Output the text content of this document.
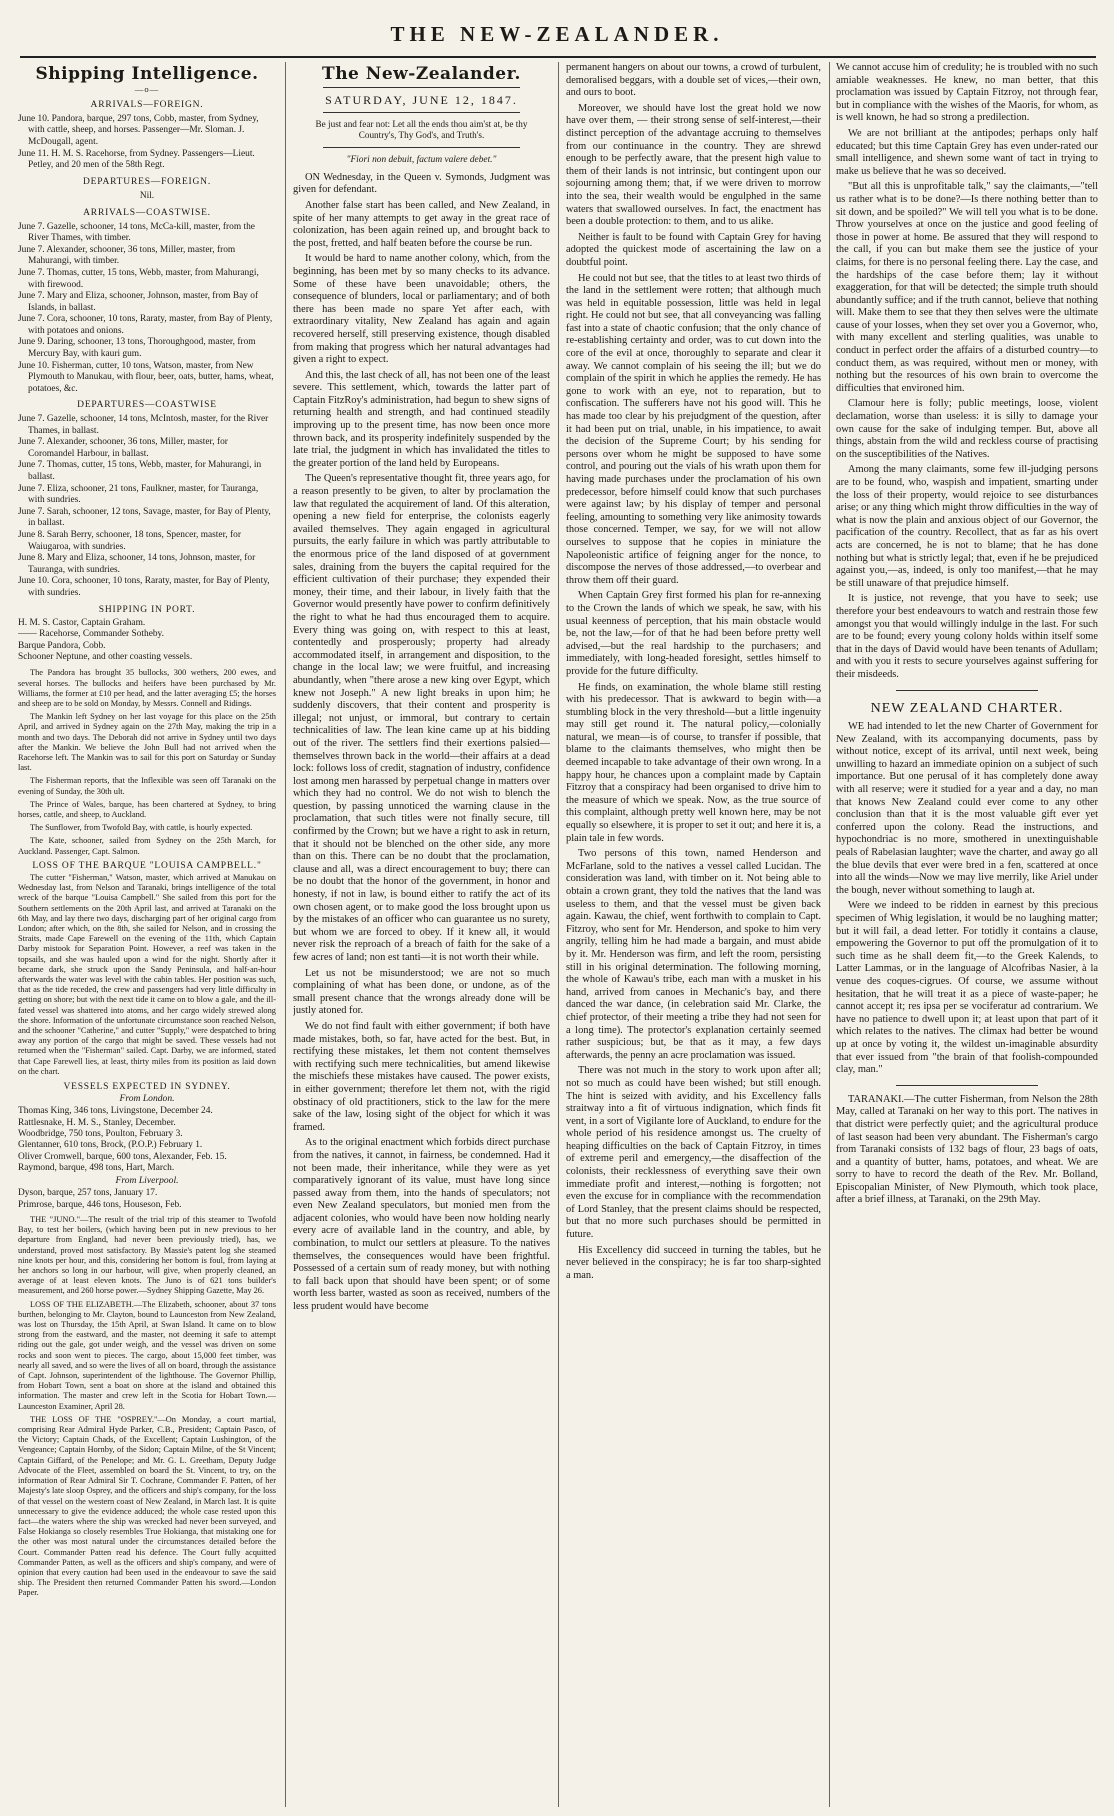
THE NEW-ZEALANDER.
Shipping Intelligence.
—o—
ARRIVALS—FOREIGN.

June 10. Pandora, barque, 297 tons, Cobb, master, from Sydney, with cattle, sheep, and horses. Passenger—Mr. Sloman. J. McDougall, agent.

June 11. H. M. S. Racehorse, from Sydney. Passengers—Lieut. Petley, and 20 men of the 58th Regt.

DEPARTURES—FOREIGN.
Nil.
ARRIVALS—COASTWISE.

June 7. Gazelle, schooner, 14 tons, McCa-kill, master, from the River Thames, with timber.

June 7. Alexander, schooner, 36 tons, Miller, master, from Mahurangi, with timber.

June 7. Thomas, cutter, 15 tons, Webb, master, from Mahurangi, with firewood.

June 7. Mary and Eliza, schooner, Johnson, master, from Bay of Islands, in ballast.

June 7. Cora, schooner, 10 tons, Raraty, master, from Bay of Plenty, with potatoes and onions.

June 9. Daring, schooner, 13 tons, Thoroughgood, master, from Mercury Bay, with kauri gum.

June 10. Fisherman, cutter, 10 tons, Watson, master, from New Plymouth to Manukau, with flour, beer, oats, butter, hams, wheat, potatoes, &c.

DEPARTURES—COASTWISE

June 7. Gazelle, schooner, 14 tons, McIntosh, master, for the River Thames, in ballast.

June 7. Alexander, schooner, 36 tons, Miller, master, for Coromandel Harbour, in ballast.

June 7. Thomas, cutter, 15 tons, Webb, master, for Mahurangi, in ballast.

June 7. Eliza, schooner, 21 tons, Faulkner, master, for Tauranga, with sundries.

June 7. Sarah, schooner, 12 tons, Savage, master, for Bay of Plenty, in ballast.

June 8. Sarah Berry, schooner, 18 tons, Spencer, master, for Waiugaroa, with sundries.

June 8. Mary and Eliza, schooner, 14 tons, Johnson, master, for Tauranga, with sundries.

June 10. Cora, schooner, 10 tons, Raraty, master, for Bay of Plenty, with sundries.

SHIPPING IN PORT.

H. M. S. Castor, Captain Graham.

—— Racehorse, Commander Sotheby.

Barque Pandora, Cobb.

Schooner Neptune, and other coasting vessels.

The Pandora has brought 35 bullocks, 300 wethers, 200 ewes, and several horses. The bullocks and heifers have been purchased by Mr. Williams, the former at £10 per head, and the latter averaging £5; the horses and sheep are to be sold on Monday, by Messrs. Connell and Ridings.

The Mankin left Sydney on her last voyage for this place on the 25th April, and arrived in Sydney again on the 27th May, making the trip in a month and two days. The Deborah did not arrive in Sydney until two days after the Mankin. We believe the John Bull had not arrived when the Racehorse left. The Mankin was to sail for this port on Saturday or Sunday last.

The Fisherman reports, that the Inflexible was seen off Taranaki on the evening of Sunday, the 30th ult.

The Prince of Wales, barque, has been chartered at Sydney, to bring horses, cattle, and sheep, to Auckland.

The Sunflower, from Twofold Bay, with cattle, is hourly expected.

The Kate, schooner, sailed from Sydney on the 25th March, for Auckland. Passenger, Capt. Salmon.

LOSS OF THE BARQUE "LOUISA CAMPBELL."

The cutter "Fisherman," Watson, master, which arrived at Manukau on Wednesday last, from Nelson and Taranaki, brings intelligence of the total wreck of the barque "Louisa Campbell." She sailed from this port for the Southern settlements on the 20th April last, and arrived at Taranaki on the 6th May, and lay there two days, discharging part of her original cargo from London; after which, on the 8th, she sailed for Nelson, and in crossing the Straits, made Cape Farewell on the evening of the 11th, which Captain Darby mistook for Separation Point. However, a reef was taken in the topsails, and she was hauled upon a wind for the night. Shortly after it became dark, she struck upon the Sandy Peninsula, and half-an-hour afterwards the water was level with the cabin tables. Her position was such, that as the tide receded, the crew and passengers had very little difficulty in getting on shore; but with the next tide it came on to blow a gale, and the ill-fated vessel was shattered into atoms, and her cargo widely strewed along the shore. Information of the unfortunate circumstance soon reached Nelson, and the schooner "Catherine," and cutter "Supply," were despatched to bring away any portion of the cargo that might be saved. These vessels had not returned when the "Fisherman" sailed. Capt. Darby, we are informed, stated that Cape Farewell lies, at least, thirty miles from its position as laid down on the chart.

VESSELS EXPECTED IN SYDNEY.
From London.

Thomas King, 346 tons, Livingstone, December 24.

Rattlesnake, H. M. S., Stanley, December.

Woodbridge, 750 tons, Poulton, February 3.

Glentanner, 610 tons, Brock, (P.O.P.) February 1.

Oliver Cromwell, barque, 600 tons, Alexander, Feb. 15.

Raymond, barque, 498 tons, Hart, March.

From Liverpool.

Dyson, barque, 257 tons, January 17.

Primrose, barque, 446 tons, Houseson, Feb.

THE "JUNO."—The result of the trial trip of this steamer to Twofold Bay, to test her boilers, (which having been put in new previous to her departure from England, had never been previously tried), has, we understand, proved most satisfactory. By Massie's patent log she steamed nine knots per hour, and this, considering her bottom is foul, from laying at her anchors so long in our harbour, will give, when properly cleaned, an average of at least eleven knots. The Juno is of 621 tons builder's measurement, and 260 horse power.—Sydney Shipping Gazette, May 26.

LOSS OF THE ELIZABETH.—The Elizabeth, schooner, about 37 tons burthen, belonging to Mr. Clayton, bound to Launceston from New Zealand, was lost on Thursday, the 15th April, at Swan Island. It came on to blow strong from the eastward, and the master, not deeming it safe to attempt riding out the gale, got under weigh, and the vessel was driven on some rocks and soon went to pieces. The cargo, about 15,000 feet timber, was nearly all saved, and so were the lives of all on board, through the assistance of Capt. Johnson, superintendent of the lighthouse. The Governor Phillip, from Hobart Town, sent a boat on shore at the island and obtained this information. The master and crew left in the Scotia for Hobart Town.—Launceston Examiner, April 28.

THE LOSS OF THE "OSPREY."—On Monday, a court martial, comprising Rear Admiral Hyde Parker, C.B., President; Captain Pasco, of the Victory; Captain Chads, of the Excellent; Captain Lushington, of the Vengeance; Captain Hornby, of the Sidon; Captain Milne, of the St Vincent; Captain Giffard, of the Penelope; and Mr. G. L. Greetham, Deputy Judge Advocate of the Fleet, assembled on board the St. Vincent, to try, on the information of Rear Admiral Sir T. Cochrane, Commander F. Patten, of her Majesty's late sloop Osprey, and the officers and ship's company, for the loss of that vessel on the western coast of New Zealand, in March last. It is quite unnecessary to give the evidence adduced; the whole case rested upon this fact—the waters where the ship was wrecked had never been surveyed, and False Hokianga so closely resembles True Hokianga, that mistaking one for the other was most natural under the circumstances detailed before the Court. Commander Patten read his defence. The Court fully acquitted Commander Patten, as well as the officers and ship's company, and were of opinion that every caution had been used in the endeavour to save the said ship. The President then returned Commander Patten his sword.—London Paper.

The New-Zealander.
SATURDAY, JUNE 12, 1847.
Be just and fear not: Let all the ends thou aim'st at, be thy Country's, Thy God's, and Truth's.
"Fiori non debuit, factum valere debet."

ON Wednesday, in the Queen v. Symonds, Judgment was given for defendant.

Another false start has been called, and New Zealand, in spite of her many attempts to get away in the great race of colonization, has been again reined up, and brought back to the post, fretted, and half beaten before the course be run.

It would be hard to name another colony, which, from the beginning, has been met by so many checks to its advance. Some of these have been unavoidable; others, the consequence of blunders, local or parliamentary; and of both there has been made no spare Yet after each, with extraordinary vitality, New Zealand has again and again recovered herself, still preserving existence, though disabled from making that progress which her natural advantages had given a right to expect.

And this, the last check of all, has not been one of the least severe. This settlement, which, towards the latter part of Captain FitzRoy's administration, had begun to shew signs of returning health and strength, and had continued steadily improving up to the present time, has now been once more thrown back, and its prosperity indefinitely suspended by the late trial, the judgment in which has invalidated the titles to the greater portion of the land held by Europeans.

The Queen's representative thought fit, three years ago, for a reason presently to be given, to alter by proclamation the law that regulated the acquirement of land. Of this alteration, opening a new field for enterprise, the colonists eagerly availed themselves. They again engaged in agricultural pursuits, the early failure in which was partly attributable to the enormous price of the land disposed of at government sales, draining from the buyers the capital required for the efficient cultivation of their purchase; they expended their money, their time, and their labour, in lively faith that the Governor would presently have power to confirm definitively the right to what he had thus encouraged them to acquire. Every thing was going on, with respect to this at least, contentedly and prosperously; property had already accommodated itself, in arrangement and disposition, to the change in the local law; we were fruitful, and increasing abundantly, when "there arose a new king over Egypt, which knew not Joseph." A new light breaks in upon him; he suddenly discovers, that their content and prosperity is illegal; not unjust, or immoral, but contrary to certain technicalities of law. The lean kine came up at his bidding out of the river. The settlers find their exertions palsied—themselves thrown back in the world—their affairs at a dead lock: follows loss of credit, stagnation of industry, confidence lost among men harassed by perpetual change in matters over which they had no control. We do not wish to blench the question, by passing unnoticed the warning clause in the proclamation, that such titles were not finally secure, till confirmed by the Crown; but we have a right to ask in return, that it should not be blenched on the other side, any more than on this. There can be no doubt that the proclamation, clause and all, was a direct encouragement to buy; there can be no doubt that the honor of the government, in honor and honesty, if not in law, is bound either to ratify the act of its own chosen agent, or to make good the loss brought upon us by the mistakes of an officer who can guarantee us no surety, but whom we are forced to obey. If it knew all, it would never risk the reproach of a breach of faith for the sake of a few acres of land; non est tanti—it is not worth their while.

Let us not be misunderstood; we are not so much complaining of what has been done, or undone, as of the small present chance that the wrongs already done will be justly atoned for.

We do not find fault with either government; if both have made mistakes, both, so far, have acted for the best. But, in rectifying these mistakes, let them not content themselves with rectifying such mere technicalities, but amend likewise the mischiefs these mistakes have caused. The power exists, in either government; therefore let them not, with the rigid obstinacy of old practitioners, stick to the law for the mere sake of the law, losing sight of the object for which it was framed.

As to the original enactment which forbids direct purchase from the natives, it cannot, in fairness, be condemned. Had it not been made, their inheritance, while they were as yet comparatively ignorant of its value, must have long since passed away from them, into the hands of speculators; not even New Zealand speculators, but monied men from the adjacent colonies, who would have been now holding nearly every acre of available land in the country, and able, by combination, to mulct our settlers at pleasure. To the natives themselves, the consequences would have been frightful. Possessed of a certain sum of ready money, but with nothing to fall back upon that should have been spent; or of some worth less barter, wasted as soon as received, numbers of the less prudent would have become

permanent hangers on about our towns, a crowd of turbulent, demoralised beggars, with a double set of vices,—their own, and ours to boot.

Moreover, we should have lost the great hold we now have over them, — their strong sense of self-interest,—their distinct perception of the advantage accruing to themselves from our continuance in the country. They are shrewd enough to be perfectly aware, that the present high value to them of their lands is not intrinsic, but contingent upon our sojourning among them; that, if we were driven to morrow into the sea, their wealth would be engulphed in the same waters that swallowed ourselves. In fact, the enactment has been a double protection: to them, and to us alike.

Neither is fault to be found with Captain Grey for having adopted the quickest mode of ascertaining the law on a doubtful point.

He could not but see, that the titles to at least two thirds of the land in the settlement were rotten; that although much was held in equitable possession, little was held in legal right. He could not but see, that all conveyancing was falling fast into a state of chaotic confusion; that the only chance of re-establishing certainty and order, was to cut down into the core of the evil at once, thoroughly to separate and clear it away. We cannot complain of his seeing the ill; but we do complain of the spirit in which he applies the remedy. He has gone to work with an eye, not to reparation, but to confiscation. The sufferers have not his good will. This he has made too clear by his prejudgment of the question, after it had been put on trial, unable, in his impatience, to await the decision of the Supreme Court; by his sending for persons over whom he might be supposed to have some control, and pouring out the vials of his wrath upon them for having made purchases under the proclamation of his own predecessor, before himself could know that such purchases were against law; by his display of temper and personal feeling, amounting to something very like animosity towards those concerned. Temper, we say, for we will not allow ourselves to suppose that he copies in miniature the Napoleonistic artifice of feigning anger for the nonce, to discompose the nerves of those addressed,—to overbear and throw them off their guard.

When Captain Grey first formed his plan for re-annexing to the Crown the lands of which we speak, he saw, with his usual keenness of perception, that his main obstacle would be, not the law,—for of that he had been before pretty well advised,—but the real hardship to the purchasers; and immediately, with long-headed foresight, settles himself to provide for the future difficulty.

He finds, on examination, the whole blame still resting with his predecessor. That is awkward to begin with—a stumbling block in the very threshold—but a little ingenuity may still get round it. The natural policy,—colonially natural, we mean—is of course, to transfer if possible, that blame to the claimants themselves, who might then be deemed incapable to take advantage of their own wrong. In a happy hour, he chances upon a complaint made by Captain Fitzroy that a conspiracy had been organised to drive him to the measure of which we speak. Now, as the true source of this complaint, although pretty well known here, may be not equally so elsewhere, it is proper to set it out; and here it is, a plain tale in few words.

Two persons of this town, named Henderson and McFarlane, sold to the natives a vessel called Lucidan. The consideration was land, with timber on it. Not being able to obtain a crown grant, they told the natives that the land was useless to them, and that the vessel must be given back again. Kawau, the chief, went forthwith to complain to Capt. Fitzroy, who sent for Mr. Henderson, and spoke to him very angrily, telling him he had made a bargain, and must abide by it. Mr. Henderson was firm, and left the room, persisting still in his original determination. The following morning, the whole of Kawau's tribe, each man with a musket in his hand, arrived from canoes in Mechanic's bay, and there danced the war dance, (in celebration said Mr. Clarke, the chief protector, of their meeting a tribe they had not seen for a long time). The protector's explanation certainly seemed rather suspicious; but, be that as it may, a few days afterwards, the penny an acre proclamation was issued.

There was not much in the story to work upon after all; not so much as could have been wished; but still enough. The hint is seized with avidity, and his Excellency falls straitway into a fit of virtuous indignation, which finds fit vent, in a sort of Vigilante lore of Auckland, to endure for the whole period of his residence amongst us. The cruelty of heaping difficulties on the back of Captain Fitzroy, in times of extreme peril and emergency,—the disaffection of the colonists, their recklessness of everything save their own immediate profit and interest,—nothing is forgotten; not even the excuse for in compliance with the recommendation of Lord Stanley, that the present claims should be respected, but that no more such purchases should be permitted in future.

His Excellency did succeed in turning the tables, but he never believed in the conspiracy; he is far too sharp-sighted a man.

We cannot accuse him of credulity; he is troubled with no such amiable weaknesses. He knew, no man better, that this proclamation was issued by Captain Fitzroy, not through fear, but in compliance with the wishes of the Maoris, for whom, as is well known, he had so strong a predilection.

We are not brilliant at the antipodes; perhaps only half educated; but this time Captain Grey has even under-rated our small intelligence, and shewn some want of tact in trying to make us believe that he was so deceived.

"But all this is unprofitable talk," say the claimants,—"tell us rather what is to be done?—Is there nothing better than to sit down, and be spoiled?" We will tell you what is to be done. Throw yourselves at once on the justice and good feeling of those in power at home. Be assured that they will respond to the call, if you can but make them see the justice of your claims, for there is no personal feeling there. Lay the case, and the hardships of the case before them; lay it without exaggeration, for that will be detected; the simple truth should abundantly suffice; and if the truth cannot, believe that nothing will. Make them to see that they then selves were the ultimate cause of your losses, when they set over you a Governor, who, with many excellent and sterling qualities, was unable to conduct in perfect order the affairs of a disturbed country—to conduct them, as was required, without men or money, with nothing but the resources of his own brain to overcome the difficulties that environed him.

Clamour here is folly; public meetings, loose, violent declamation, worse than useless: it is silly to damage your own cause for the sake of indulging temper. But, above all things, abstain from the wild and reckless course of practising on the susceptibilities of the Natives.

Among the many claimants, some few ill-judging persons are to be found, who, waspish and impatient, smarting under the loss of their property, would rejoice to see disturbances arise; or any thing which might throw difficulties in the way of what is now the plain and anxious object of our Governor, the pacification of the country. Recollect, that as far as his overt acts are concerned, he is not to blame; that he has done nothing but what is strictly legal; that, even if he be prejudiced against you,—as, indeed, is only too manifest,—that he may be still unaware of that prejudice himself.

It is justice, not revenge, that you have to seek; use therefore your best endeavours to watch and restrain those few amongst you that would willingly indulge in the last. For such are to be found; every young colony holds within itself some that in the days of David would have been tenants of Adullam; and with you it rests to secure yourselves against suffering for their misdeeds.

NEW ZEALAND CHARTER.

WE had intended to let the new Charter of Government for New Zealand, with its accompanying documents, pass by without notice, except of its arrival, until next week, being unwilling to hazard an immediate opinion on a subject of such importance. But one perusal of it has completely done away with all reserve; were it studied for a year and a day, no man that knows New Zealand could ever come to any other conclusion than that it is the most valuable gift ever yet conferred upon the colony. Read the instructions, and hypochondriac is no more, smothered in unextinguishable peals of Rabelasian laughter; wave the charter, and away go all the blue devils that ever were bred in a fen, scattered at once into all the winds—Now we may live merrily, like Ariel under the bough, never without something to laugh at.

Were we indeed to be ridden in earnest by this precious specimen of Whig legislation, it would be no laughing matter; but it will fail, a dead letter. For totidly it contains a clause, empowering the Governor to put off the promulgation of it to such time as he shall deem fit,—to the Greek Kalends, to Latter Lammas, or in the language of Alcofribas Nasier, à la venue des coques-cigrues. Of course, we assume without hesitation, that he will treat it as a piece of waste-paper; he cannot accept it; res ipsa per se vociferatur ad contrarium. We have no patience to dwell upon it; at least upon that part of it which relates to the natives. The climax had better be wound up at once by voting it, the wildest un-imaginable absurdity that ever issued from "the brain of that foolish-compounded clay, man."

TARANAKI.—The cutter Fisherman, from Nelson the 28th May, called at Taranaki on her way to this port. The natives in that district were perfectly quiet; and the agricultural produce of last season had been very abundant. The Fisherman's cargo from Taranaki consists of 132 bags of flour, 23 bags of oats, and a quantity of butter, hams, potatoes, and wheat. We are sorry to have to record the death of the Rev. Mr. Bolland, Episcopalian Minister, of New Plymouth, which took place, after a brief illness, at Taranaki, on the 29th May.
